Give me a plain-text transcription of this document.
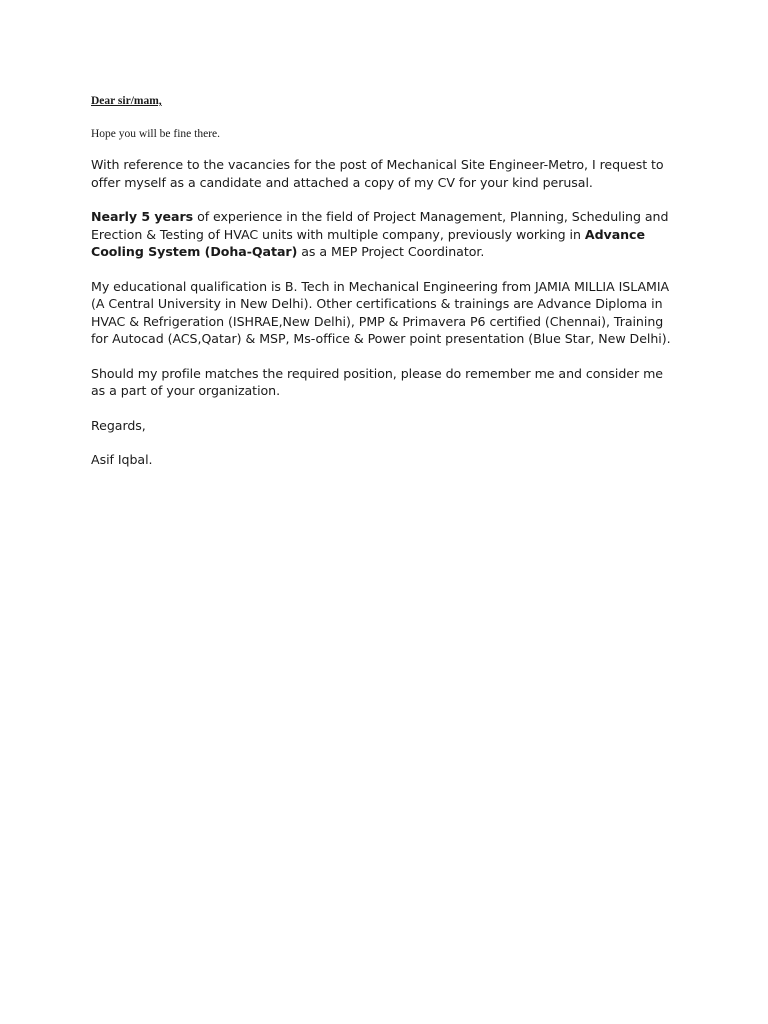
Dear sir/mam,

Hope you will be fine there.

With reference to the vacancies for the post of Mechanical Site Engineer-Metro, I request to
offer myself as a candidate and attached a copy of my CV for your kind perusal.

Nearly 5 years of experience in the field of Project Management, Planning, Scheduling and
Erection & Testing of HVAC units with multiple company, previously working in Advance
Cooling System (Doha-Qatar) as a MEP Project Coordinator.

My educational qualification is B. Tech in Mechanical Engineering from JAMIA MILLIA ISLAMIA
(A Central University in New Delhi). Other certifications & trainings are Advance Diploma in
HVAC & Refrigeration (ISHRAE,New Delhi), PMP & Primavera P6 certified (Chennai), Training
for Autocad (ACS,Qatar) & MSP, Ms-office & Power point presentation (Blue Star, New Delhi).

Should my profile matches the required position, please do remember me and consider me
as a part of your organization.

Regards,

Asif Iqbal.
